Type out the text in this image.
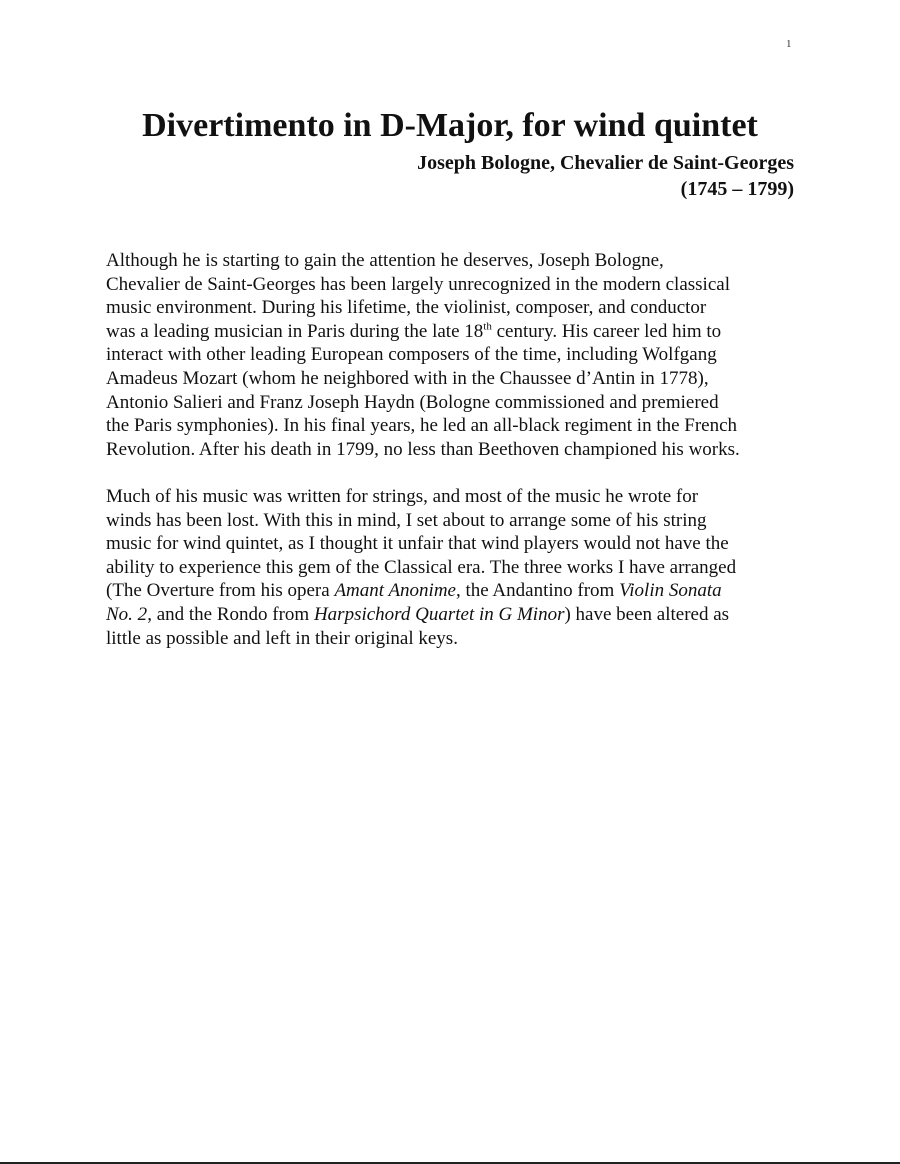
1
Divertimento in D-Major, for wind quintet
Joseph Bologne, Chevalier de Saint-Georges
(1745 – 1799)

Although he is starting to gain the attention he deserves, Joseph Bologne,
Chevalier de Saint-Georges has been largely unrecognized in the modern classical
music environment. During his lifetime, the violinist, composer, and conductor
was a leading musician in Paris during the late 18th century. His career led him to
interact with other leading European composers of the time, including Wolfgang
Amadeus Mozart (whom he neighbored with in the Chaussee d’Antin in 1778),
Antonio Salieri and Franz Joseph Haydn (Bologne commissioned and premiered
the Paris symphonies). In his final years, he led an all-black regiment in the French
Revolution. After his death in 1799, no less than Beethoven championed his works.

Much of his music was written for strings, and most of the music he wrote for
winds has been lost. With this in mind, I set about to arrange some of his string
music for wind quintet, as I thought it unfair that wind players would not have the
ability to experience this gem of the Classical era. The three works I have arranged
(The Overture from his opera Amant Anonime, the Andantino from Violin Sonata
No. 2, and the Rondo from Harpsichord Quartet in G Minor) have been altered as
little as possible and left in their original keys.
